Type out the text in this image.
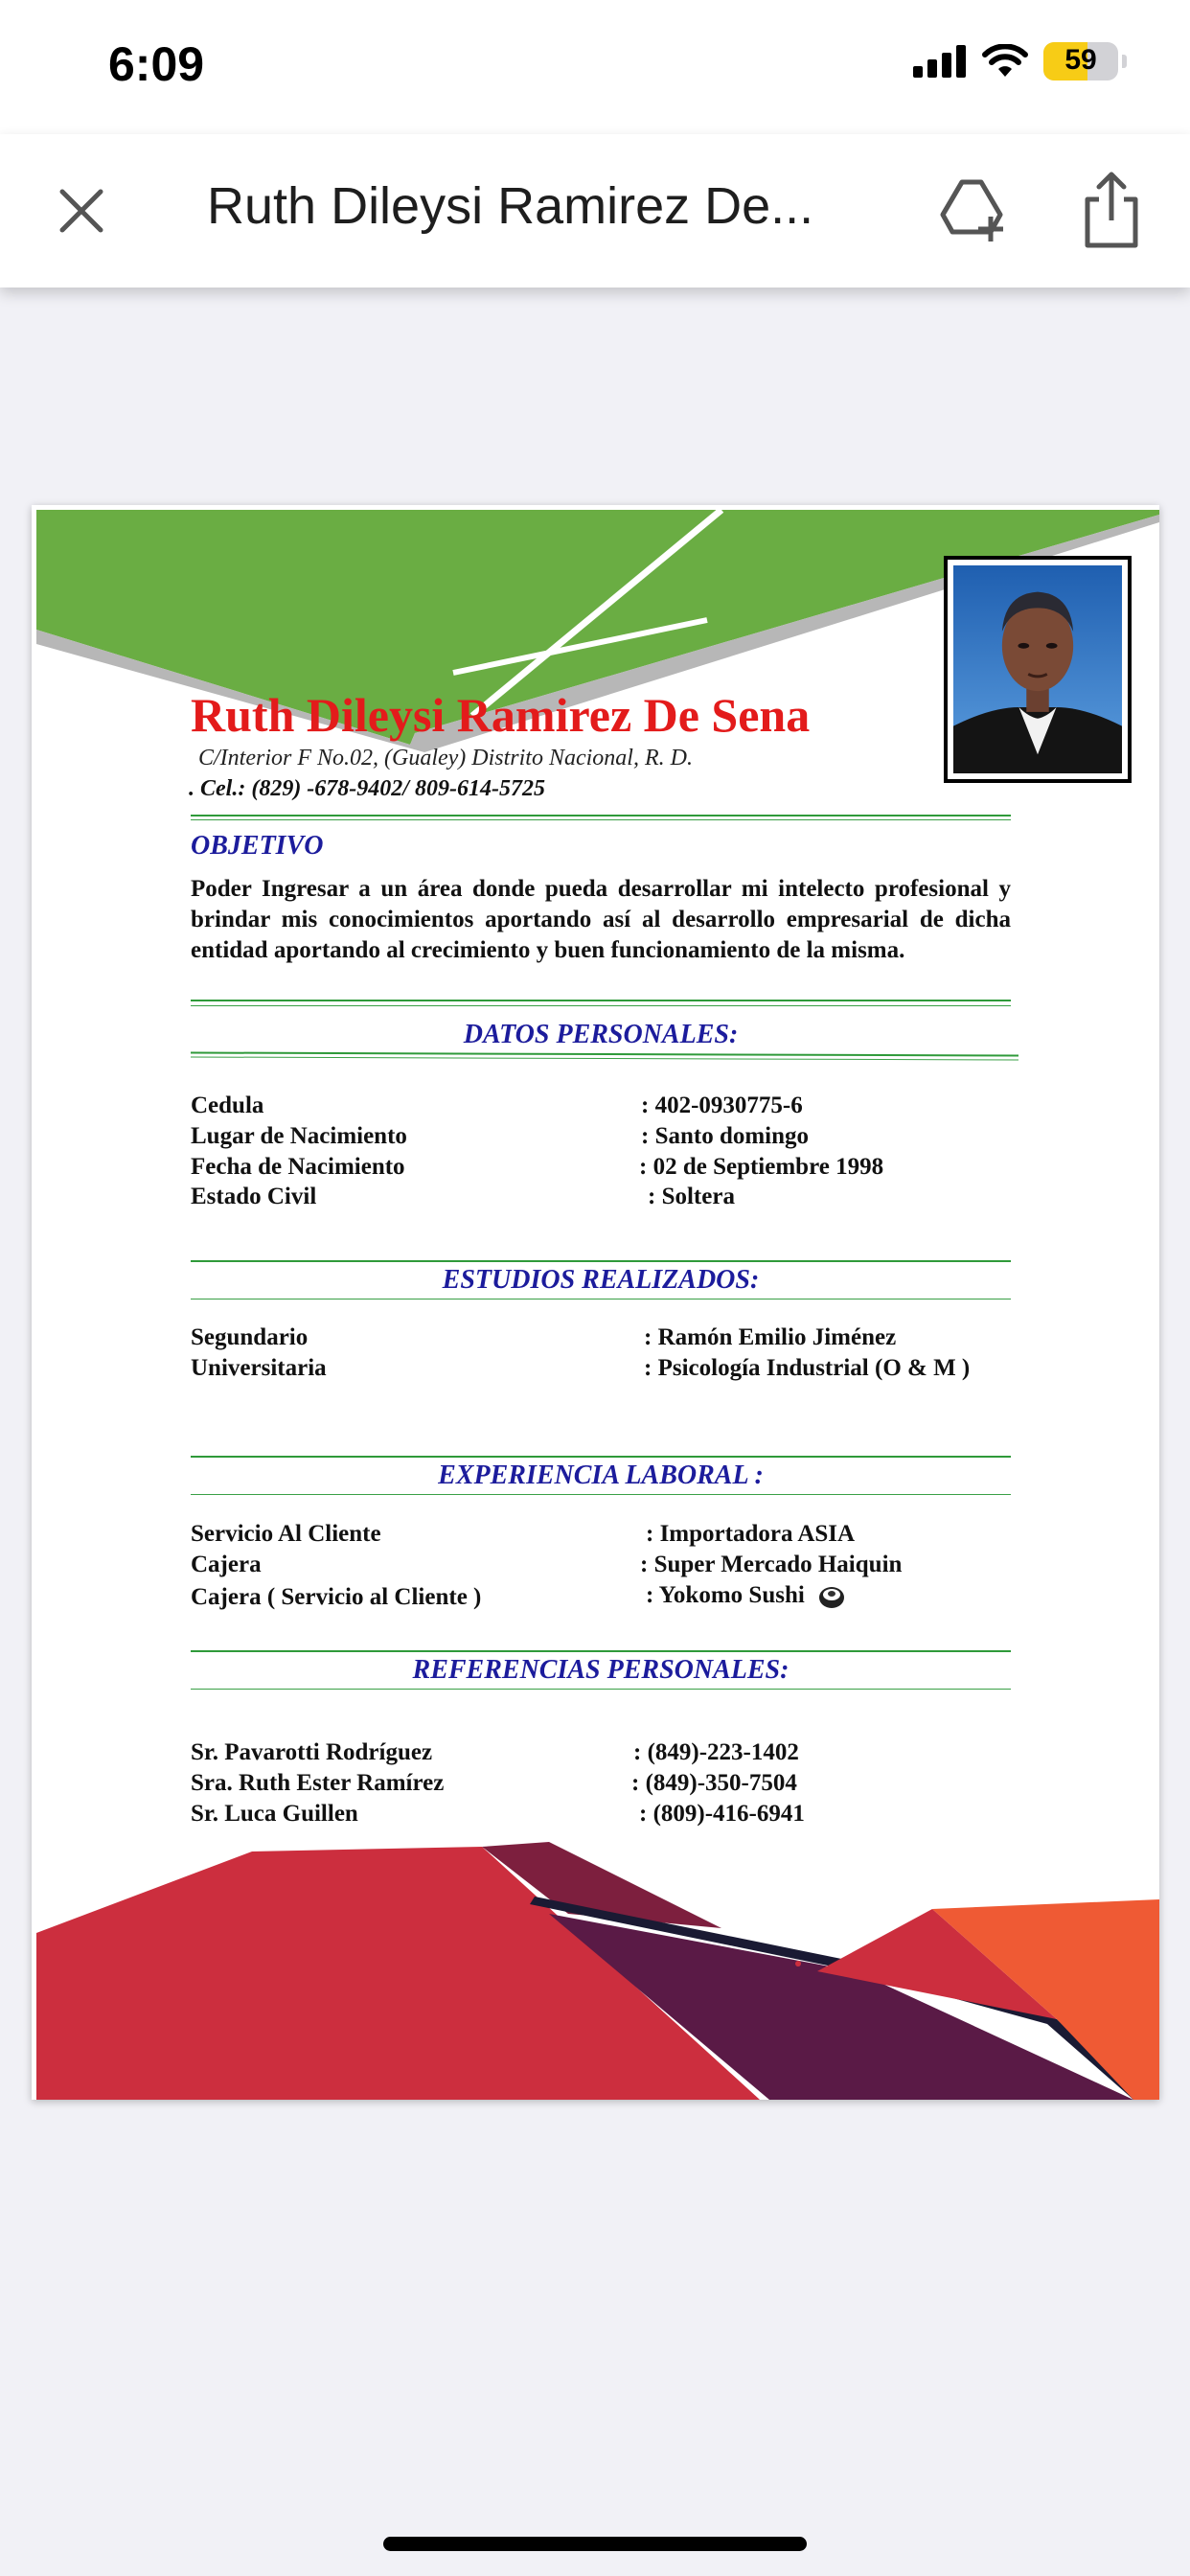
6:09	59
Ruth Dileysi Ramirez De...
Ruth Dileysi Ramirez De Sena
C/Interior F No.02, (Gualey) Distrito Nacional, R. D.
. Cel.: (829) -678-9402/ 809-614-5725
OBJETIVO
Poder Ingresar a un área donde pueda desarrollar mi intelecto profesional y brindar mis conocimientos aportando así al desarrollo empresarial de dicha entidad aportando al crecimiento y buen funcionamiento de la misma.
DATOS PERSONALES:
Cedula	: 402-0930775-6
Lugar de Nacimiento	: Santo domingo
Fecha de Nacimiento	: 02 de Septiembre 1998
Estado Civil	: Soltera
ESTUDIOS REALIZADOS:
Segundario	: Ramón Emilio Jiménez
Universitaria	: Psicología Industrial (O & M )
EXPERIENCIA LABORAL :
Servicio Al Cliente	: Importadora ASIA
Cajera	: Super Mercado Haiquin
Cajera ( Servicio al Cliente )	: Yokomo Sushi
REFERENCIAS PERSONALES:
Sr. Pavarotti Rodríguez	: (849)-223-1402
Sra. Ruth Ester Ramírez	: (849)-350-7504
Sr. Luca Guillen	: (809)-416-6941
